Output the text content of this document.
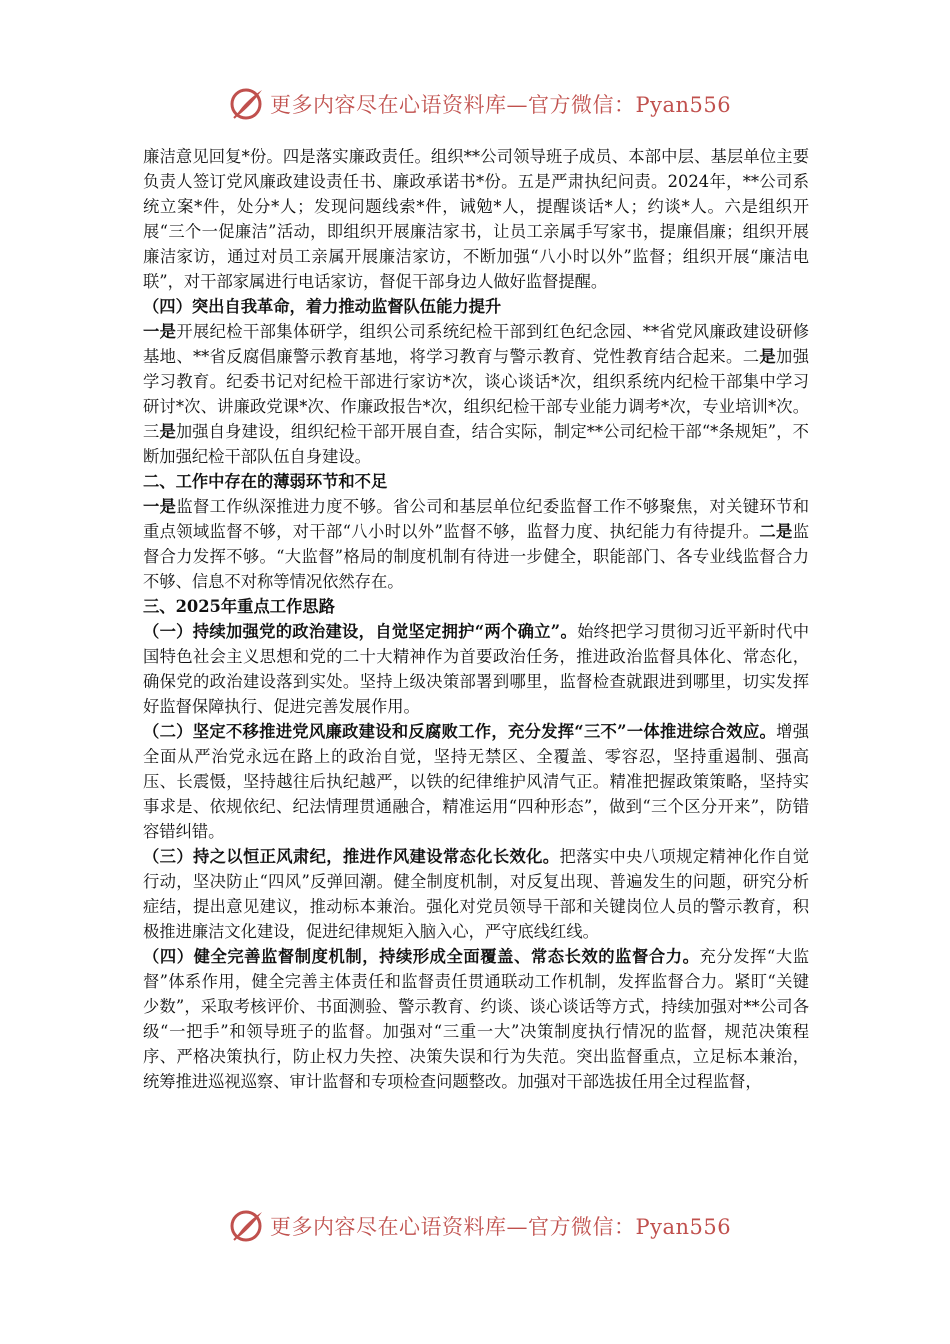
更多内容尽在心语资料库—官方微信：Pyan556

廉洁意见回复*份。四是落实廉政责任。组织**公司领导班子成员、本部中层、基层单位主要负责人签订党风廉政建设责任书、廉政承诺书*份。五是严肃执纪问责。2024年，**公司系统立案*件，处分*人；发现问题线索*件，诫勉*人，提醒谈话*人；约谈*人。六是组织开展“三个一促廉洁”活动，即组织开展廉洁家书，让员工亲属手写家书，提廉倡廉；组织开展廉洁家访，通过对员工亲属开展廉洁家访，不断加强“八小时以外”监督；组织开展“廉洁电联”，对干部家属进行电话家访，督促干部身边人做好监督提醒。

（四）突出自我革命，着力推动监督队伍能力提升

一是开展纪检干部集体研学，组织公司系统纪检干部到红色纪念园、**省党风廉政建设研修基地、**省反腐倡廉警示教育基地，将学习教育与警示教育、党性教育结合起来。二是加强学习教育。纪委书记对纪检干部进行家访*次，谈心谈话*次，组织系统内纪检干部集中学习研讨*次、讲廉政党课*次、作廉政报告*次，组织纪检干部专业能力调考*次，专业培训*次。三是加强自身建设，组织纪检干部开展自查，结合实际，制定**公司纪检干部“*条规矩”，不断加强纪检干部队伍自身建设。

二、工作中存在的薄弱环节和不足

一是监督工作纵深推进力度不够。省公司和基层单位纪委监督工作不够聚焦，对关键环节和重点领域监督不够，对干部“八小时以外”监督不够，监督力度、执纪能力有待提升。二是监督合力发挥不够。“大监督”格局的制度机制有待进一步健全，职能部门、各专业线监督合力不够、信息不对称等情况依然存在。

三、2025年重点工作思路

（一）持续加强党的政治建设，自觉坚定拥护“两个确立”。始终把学习贯彻习近平新时代中国特色社会主义思想和党的二十大精神作为首要政治任务，推进政治监督具体化、常态化，确保党的政治建设落到实处。坚持上级决策部署到哪里，监督检查就跟进到哪里，切实发挥好监督保障执行、促进完善发展作用。

（二）坚定不移推进党风廉政建设和反腐败工作，充分发挥“三不”一体推进综合效应。增强全面从严治党永远在路上的政治自觉，坚持无禁区、全覆盖、零容忍，坚持重遏制、强高压、长震慑，坚持越往后执纪越严，以铁的纪律维护风清气正。精准把握政策策略，坚持实事求是、依规依纪、纪法情理贯通融合，精准运用“四种形态”，做到“三个区分开来”，防错容错纠错。

（三）持之以恒正风肃纪，推进作风建设常态化长效化。把落实中央八项规定精神化作自觉行动，坚决防止“四风”反弹回潮。健全制度机制，对反复出现、普遍发生的问题，研究分析症结，提出意见建议，推动标本兼治。强化对党员领导干部和关键岗位人员的警示教育，积极推进廉洁文化建设，促进纪律规矩入脑入心，严守底线红线。

（四）健全完善监督制度机制，持续形成全面覆盖、常态长效的监督合力。充分发挥“大监督”体系作用，健全完善主体责任和监督责任贯通联动工作机制，发挥监督合力。紧盯“关键少数”，采取考核评价、书面测验、警示教育、约谈、谈心谈话等方式，持续加强对**公司各级“一把手”和领导班子的监督。加强对“三重一大”决策制度执行情况的监督，规范决策程序、严格决策执行，防止权力失控、决策失误和行为失范。突出监督重点，立足标本兼治，统筹推进巡视巡察、审计监督和专项检查问题整改。加强对干部选拔任用全过程监督，

更多内容尽在心语资料库—官方微信：Pyan556
